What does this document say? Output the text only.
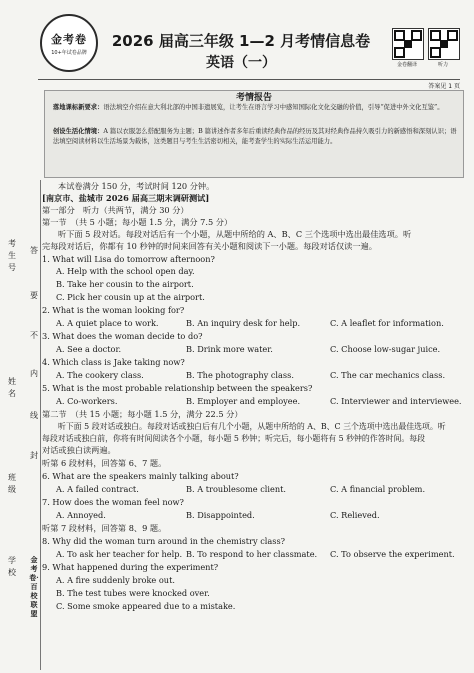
金考卷
10+年试卷品牌
2026 届高三年级 1—2 月考情信息卷
英语（一）	金卷翻译	听力
答案见 1 页
考情报告
落地课标新要求：语法填空介绍在意大利北部的中国非遗展览，让考生在语言学习中感知国际化文化交融的价值，引导“促进中外文化互鉴”。
创设生活化情境：A 篇以衣服怎么搭配服务为主题；B 篇讲述作者多年后重读经典作品的经历及其对经典作品持久吸引力的新感悟和深刻认识；语法填空阅读材料以生活场景为载体，这类题目与考生生活密切相关，能考查学生的实际生活运用能力。
考生号
姓名
班级
学校
答
要
不
内
线
封
金考卷·百校联盟
本试卷满分 150 分，考试时间 120 分钟。
[南京市、盐城市 2026 届高三期末调研测试]
第一部分　听力（共两节，满分 30 分）
第一节　（共 5 小题；每小题 1.5 分，满分 7.5 分）
听下面 5 段对话。每段对话后有一个小题，从题中所给的 A、B、C 三个选项中选出最佳选项。听
完每段对话后，你都有 10 秒钟的时间来回答有关小题和阅读下一小题。每段对话仅读一遍。
1. What will Lisa do tomorrow afternoon?
A. Help with the school open day.
B. Take her cousin to the airport.
C. Pick her cousin up at the airport.
2. What is the woman looking for?
A. A quiet place to work.	B. An inquiry desk for help.	C. A leaflet for information.
3. What does the woman decide to do?
A. See a doctor.	B. Drink more water.	C. Choose low-sugar juice.
4. Which class is Jake taking now?
A. The cookery class.	B. The photography class.	C. The car mechanics class.
5. What is the most probable relationship between the speakers?
A. Co-workers.	B. Employer and employee.	C. Interviewer and interviewee.
第二节　（共 15 小题；每小题 1.5 分，满分 22.5 分）
听下面 5 段对话或独白。每段对话或独白后有几个小题，从题中所给的 A、B、C 三个选项中选出最佳选项。听
每段对话或独白前，你将有时间阅读各个小题，每小题 5 秒钟；听完后，每小题将有 5 秒钟的作答时间。每段
对话或独白读两遍。
听第 6 段材料，回答第 6、7 题。
6. What are the speakers mainly talking about?
A. A failed contract.	B. A troublesome client.	C. A financial problem.
7. How does the woman feel now?
A. Annoyed.	B. Disappointed.	C. Relieved.
听第 7 段材料，回答第 8、9 题。
8. Why did the woman turn around in the chemistry class?
A. To ask her teacher for help. B. To respond to her classmate. C. To observe the experiment.
9. What happened during the experiment?
A. A fire suddenly broke out.
B. The test tubes were knocked over.
C. Some smoke appeared due to a mistake.
